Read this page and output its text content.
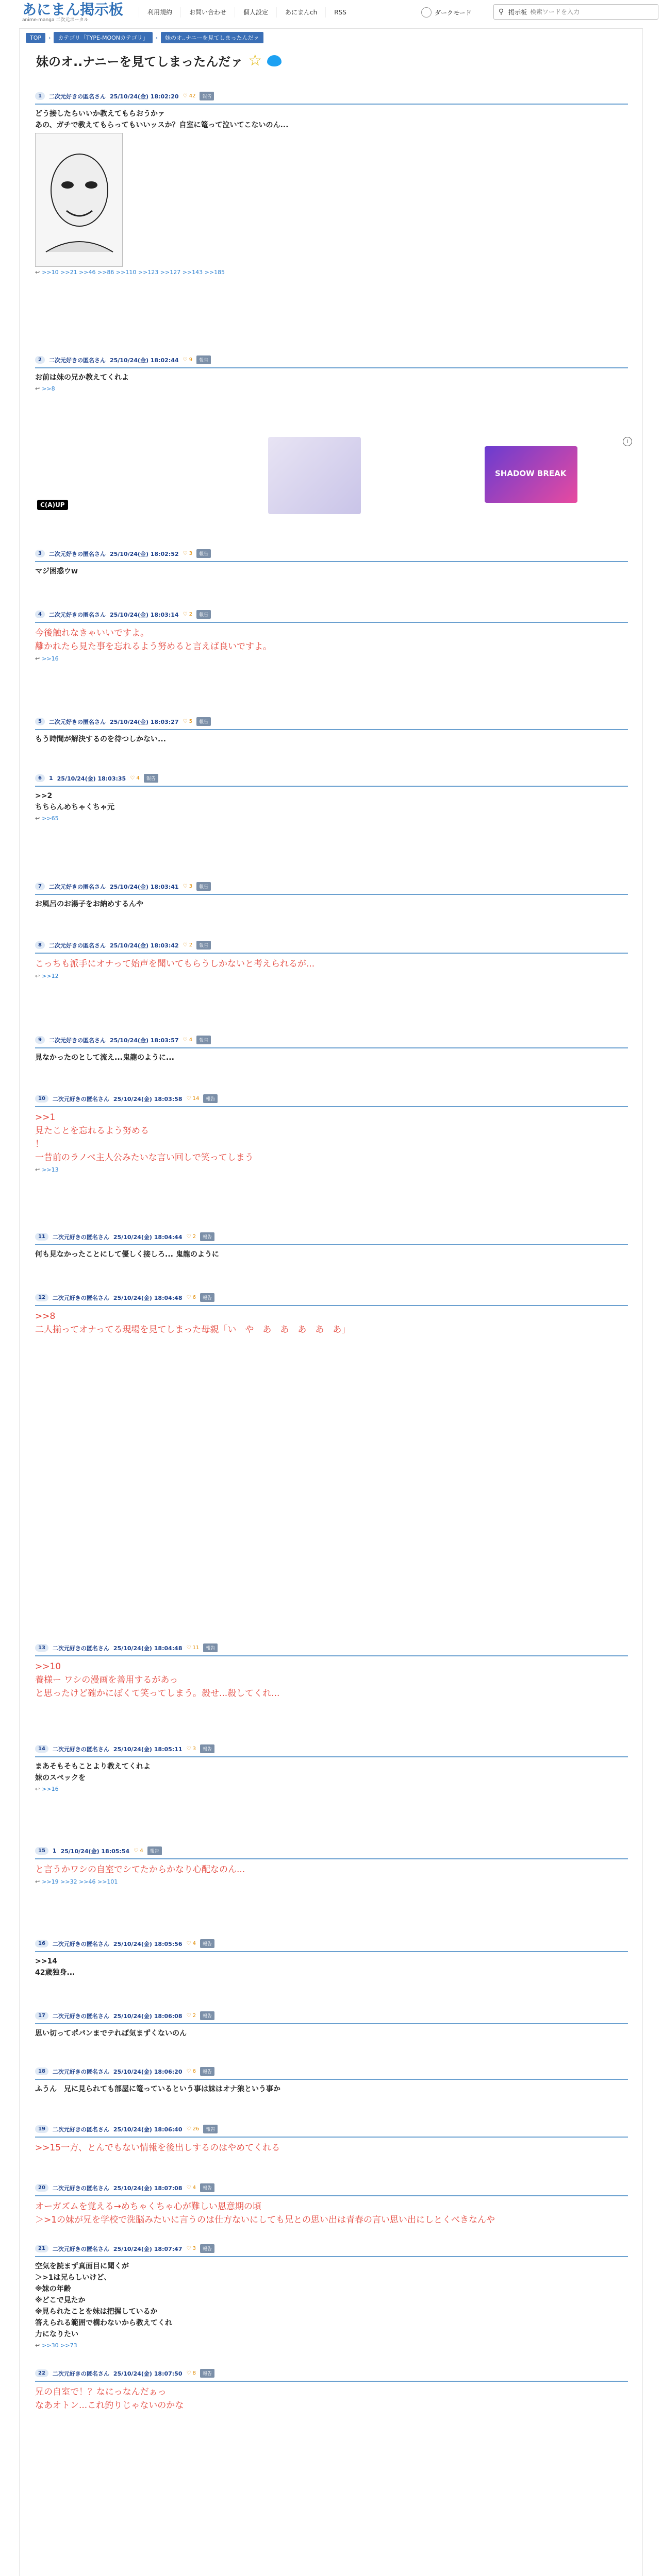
あにまん掲示板
anime-manga 二次元ポータル
利用規約	お問い合わせ	個人設定	あにまんch	RSS	ダークモード	⚲ 掲示板
検索ワードを入力
TOP	›	カテゴリ「TYPE-MOONカテゴリ」	›	妹のオ..ナニーを見てしまったんだァ
妹のオ..ナニーを見てしまったんだァ ☆
1	二次元好きの匿名さん 25/10/24(金) 18:02:20 ♡ 42	報告
どう接したらいいか教えてもらおうかァ
あの、ガチで教えてもらってもいいッスか？自室に篭って泣いてこないのん...
↩ >>10 >>21 >>46 >>86 >>110 >>123 >>127 >>143 >>185
2	二次元好きの匿名さん 25/10/24(金) 18:02:44 ♡ 9	報告
お前は妹の兄か教えてくれよ
↩ >>8
3	二次元好きの匿名さん 25/10/24(金) 18:02:52 ♡ 3	報告
マジ困惑ウw
4	二次元好きの匿名さん 25/10/24(金) 18:03:14 ♡ 2	報告
今後触れなきゃいいですよ。
離かれたら見た事を忘れるよう努めると言えば良いですよ。
↩ >>16
5	二次元好きの匿名さん 25/10/24(金) 18:03:27 ♡ 5	報告
もう時間が解決するのを待つしかない...
6	1 25/10/24(金) 18:03:35 ♡ 4	報告
>>2
ちちらんめちゃくちゃ元
↩ >>65
7	二次元好きの匿名さん 25/10/24(金) 18:03:41 ♡ 3	報告
お風呂のお湯子をお納めするんや
8	二次元好きの匿名さん 25/10/24(金) 18:03:42 ♡ 2	報告
こっちも派手にオナって始声を聞いてもらうしかないと考えられるが...
↩ >>12
9	二次元好きの匿名さん 25/10/24(金) 18:03:57 ♡ 4	報告
見なかったのとして流え...鬼龍のように...
10	二次元好きの匿名さん 25/10/24(金) 18:03:58 ♡ 14	報告
>>1
見たことを忘れるよう努める
！
一昔前のラノベ主人公みたいな言い回しで笑ってしまう
↩ >>13
11	二次元好きの匿名さん 25/10/24(金) 18:04:44 ♡ 2	報告
何も見なかったことにして優しく接しろ... 鬼龍のように
12	二次元好きの匿名さん 25/10/24(金) 18:04:48 ♡ 6	報告
>>8
二人揃ってオナってる現場を見てしまった母親「い　や　あ　あ　あ　あ　あ」
13	二次元好きの匿名さん 25/10/24(金) 18:04:48 ♡ 11	報告
>>10
養様ー ワシの漫画を善用するがあっ
と思ったけど確かにぼくて笑ってしまう。殺せ...殺してくれ...
14	二次元好きの匿名さん 25/10/24(金) 18:05:11 ♡ 3	報告
まあそもそもことより教えてくれよ
妹のスペックを
↩ >>16
15	1 25/10/24(金) 18:05:54 ♡ 4	報告
と言うかワシの自室でシてたからかなり心配なのん...
↩ >>19 >>32 >>46 >>101
16	二次元好きの匿名さん 25/10/24(金) 18:05:56 ♡ 4	報告
>>14
42歳独身...
17	二次元好きの匿名さん 25/10/24(金) 18:06:08 ♡ 2	報告
思い切ってポパンまでテれば気まずくないのん
18	二次元好きの匿名さん 25/10/24(金) 18:06:20 ♡ 6	報告
ふうん　兄に見られても部屋に篭っているという事は妹はオナ狼という事か
19	二次元好きの匿名さん 25/10/24(金) 18:06:40 ♡ 26	報告
>>15一方、とんでもない情報を後出しするのはやめてくれる
20	二次元好きの匿名さん 25/10/24(金) 18:07:08 ♡ 4	報告
オーガズムを覚える→めちゃくちゃ心が難しい恩意期の頃
＞>1の妹が兄を学校で洗脳みたいに言うのは仕方ないにしても兄との思い出は青春の言い思い出にしとくべきなんや
21	二次元好きの匿名さん 25/10/24(金) 18:07:47 ♡ 3	報告
空気を読まず真面目に聞くが
＞>1は兄らしいけど、
※妹の年齢
※どこで見たか
※見られたことを妹は把握しているか
答えられる範囲で構わないから教えてくれ
力になりたい
↩ >>30 >>73
22	二次元好きの匿名さん 25/10/24(金) 18:07:50 ♡ 8	報告
兄の自室で！？なにっなんだぁっ
なあオトン...これ釣りじゃないのかな
SHADOW BREAK
C(A)UP
i
